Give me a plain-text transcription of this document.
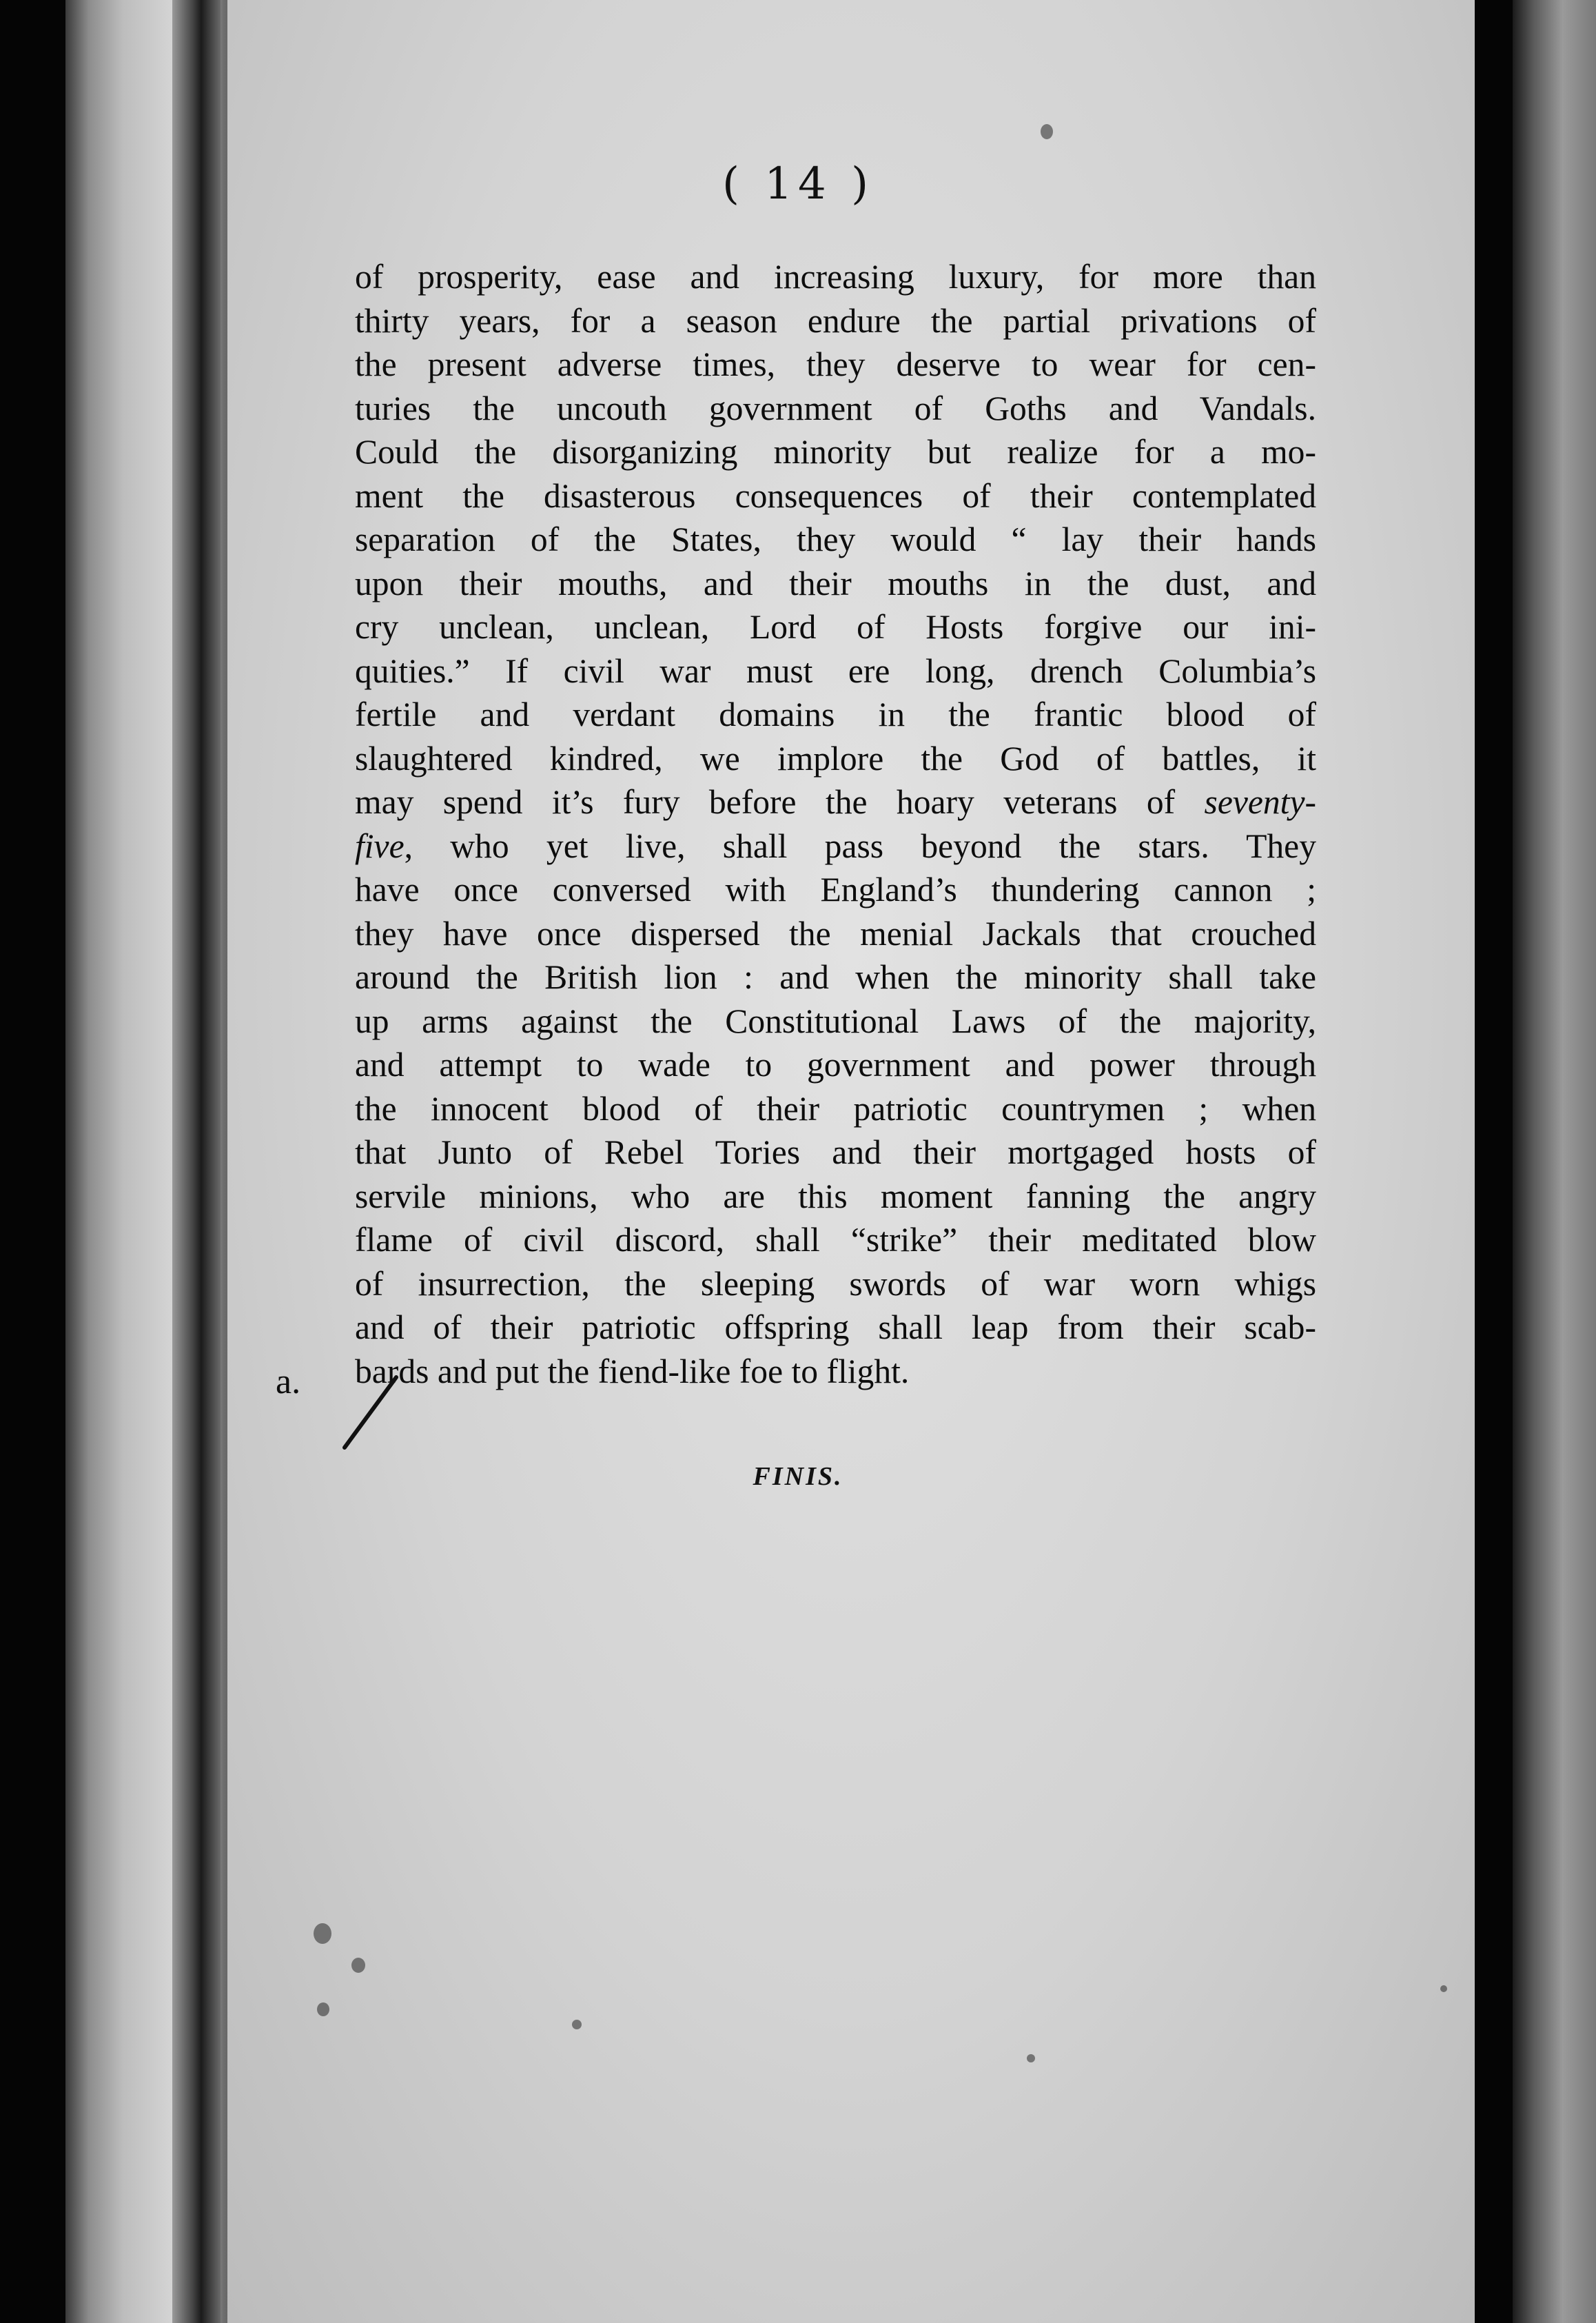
( 14 )
of prosperity, ease and increasing luxury, for more than
thirty years, for a season endure the partial privations of
the present adverse times, they deserve to wear for cen-
turies the uncouth government of Goths and Vandals.
Could the disorganizing minority but realize for a mo-
ment the disasterous consequences of their contemplated
separation of the States, they would “ lay their hands
upon their mouths, and their mouths in the dust, and
cry unclean, unclean, Lord of Hosts forgive our ini-
quities.” If civil war must ere long, drench Columbia’s
fertile and verdant domains in the frantic blood of
slaughtered kindred, we implore the God of battles, it
may spend it’s fury before the hoary veterans of seventy-
five, who yet live, shall pass beyond the stars. They
have once conversed with England’s thundering cannon ;
they have once dispersed the menial Jackals that crouched
around the British lion : and when the minority shall take
up arms against the Constitutional Laws of the majority,
and attempt to wade to government and power through
the innocent blood of their patriotic countrymen ; when
that Junto of Rebel Tories and their mortgaged hosts of
servile minions, who are this moment fanning the angry
flame of civil discord, shall “strike” their meditated blow
of insurrection, the sleeping swords of war worn whigs
and of their patriotic offspring shall leap from their scab-
bards and put the fiend-like foe to flight.
a.
FINIS.
